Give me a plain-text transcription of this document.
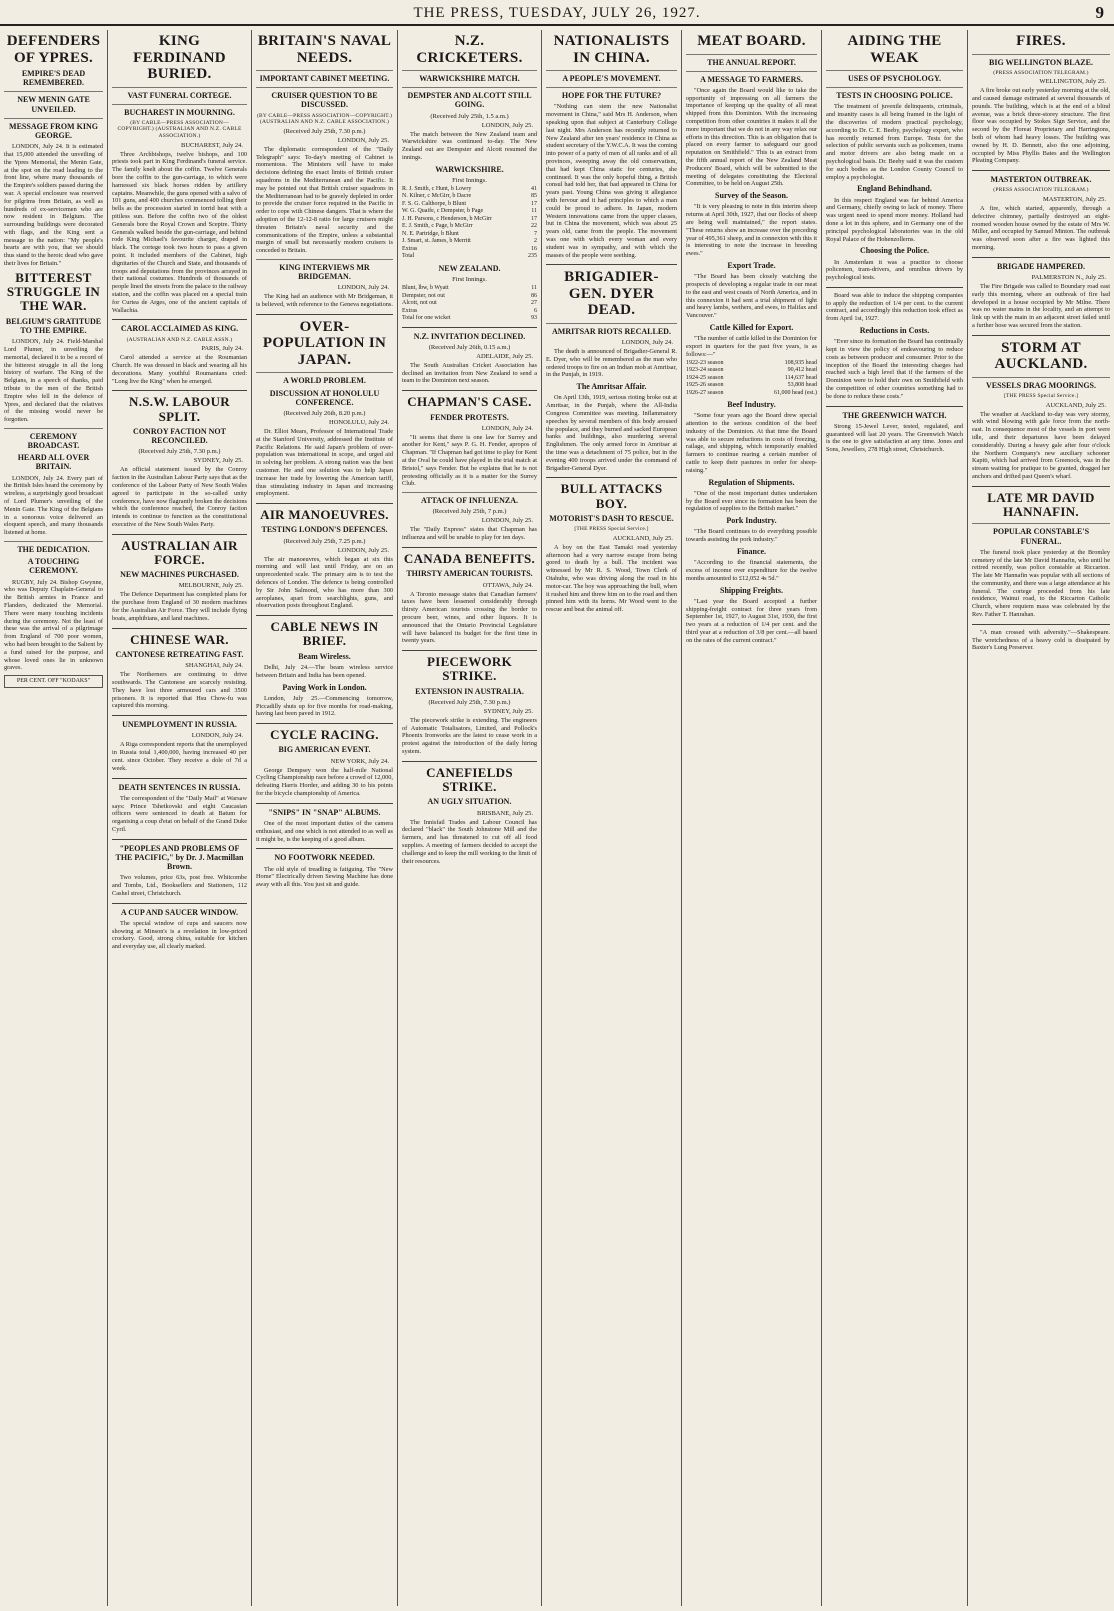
THE PRESS, TUESDAY, JULY 26, 1927.	9
DEFENDERS OF YPRES.
EMPIRE'S DEAD REMEMBERED.
NEW MENIN GATE UNVEILED.
MESSAGE FROM KING GEORGE.

LONDON, July 24. It is estimated that 15,000 attended the unveiling of the Ypres Memorial, the Menin Gate, at the spot on the road leading to the front line, where many thousands of the Empire's soldiers passed during the war. A special enclosure was reserved for pilgrims from Britain, as well as hundreds of ex-servicemen who are now resident in Belgium. The surrounding buildings were decorated with flags, and the King sent a message to the nation: "My people's hearts are with you, that we should thus stand to the heroic dead who gave their lives for Britain."

BITTEREST STRUGGLE IN THE WAR.
BELGIUM'S GRATITUDE TO THE EMPIRE.

LONDON, July 24. Field-Marshal Lord Plumer, in unveiling the memorial, declared it to be a record of the bitterest struggle in all the long history of warfare. The King of the Belgians, in a speech of thanks, paid tribute to the men of the British Empire who fell in the defence of Ypres, and declared that the relatives of the missing would never be forgotten.

CEREMONY BROADCAST.
HEARD ALL OVER BRITAIN.

LONDON, July 24. Every part of the British Isles heard the ceremony by wireless, a surprisingly good broadcast of Lord Plumer's unveiling of the Menin Gate. The King of the Belgians in a sonorous voice delivered an eloquent speech, and many thousands listened at home.

THE DEDICATION.
A TOUCHING CEREMONY.

RUGBY, July 24. Bishop Gwynne, who was Deputy Chaplain-General to the British armies in France and Flanders, dedicated the Memorial. There were many touching incidents during the ceremony. Not the least of these was the arrival of a pilgrimage from England of 700 poor women, who had been brought to the Salient by a fund raised for the purpose, and whose loved ones lie in unknown graves.

PER CENT. OFF "KODAKS"
KING FERDINAND BURIED.
VAST FUNERAL CORTEGE.
BUCHAREST IN MOURNING.
(BY CABLE—PRESS ASSOCIATION—COPYRIGHT.) (AUSTRALIAN AND N.Z. CABLE ASSOCIATION.)
BUCHAREST, July 24.

Three Archbishops, twelve bishops, and 100 priests took part in King Ferdinand's funeral service. The family knelt about the coffin. Twelve Generals bore the coffin to the gun-carriage, to which were harnessed six black horses ridden by artillery captains. Meanwhile, the guns opened with a salvo of 101 guns, and 400 churches commenced tolling their bells as the procession started in torrid heat with a pitiless sun. Before the coffin two of the oldest Generals bore the Royal Crown and Sceptre. Thirty Generals walked beside the gun-carriage, and behind rode King Michael's favourite charger, draped in black. The cortege took two hours to pass a given point. It included members of the Cabinet, high dignitaries of the Church and State, and thousands of troops and deputations from the provinces arrayed in their national costumes. Hundreds of thousands of people lined the streets from the palace to the railway station, and the coffin was placed on a special train for Curtea de Arges, one of the ancient capitals of Wallachia.

CAROL ACCLAIMED AS KING.
(AUSTRALIAN AND N.Z. CABLE ASSN.)
PARIS, July 24.

Carol attended a service at the Roumanian Church. He was dressed in black and wearing all his decorations. Many youthful Roumanians cried: "Long live the King" when he emerged.

N.S.W. LABOUR SPLIT.
CONROY FACTION NOT RECONCILED.
(Received July 25th, 7.30 p.m.)
SYDNEY, July 25.

An official statement issued by the Conroy faction in the Australian Labour Party says that as the conference of the Labour Party of New South Wales agreed to participate in the so-called unity conference, have now flagrantly broken the decisions which the conference reached, the Conroy faction intends to continue to function as the constitutional executive of the New South Wales Party.

AUSTRALIAN AIR FORCE.
NEW MACHINES PURCHASED.
MELBOURNE, July 25.

The Defence Department has completed plans for the purchase from England of 30 modern machines for the Australian Air Force. They will include flying boats, amphibians, and land machines.

CHINESE WAR.
CANTONESE RETREATING FAST.
SHANGHAI, July 24.

The Northerners are continuing to drive southwards. The Cantonese are scarcely resisting. They have lost three armoured cars and 3500 prisoners. It is reported that Hsu Chow-fu was captured this morning.

UNEMPLOYMENT IN RUSSIA.
LONDON, July 24.

A Riga correspondent reports that the unemployed in Russia total 1,400,000, having increased 40 per cent. since October. They receive a dole of 7d a week.

DEATH SENTENCES IN RUSSIA.

The correspondent of the "Daily Mail" at Warsaw says: Prince Tshetkovski and eight Caucasian officers were sentenced to death at Batum for organising a coup d'etat on behalf of the Grand Duke Cyril.

"PEOPLES AND PROBLEMS OF THE PACIFIC," by Dr. J. Macmillan Brown.

Two volumes, price 63s, post free. Whitcombe and Tombs, Ltd., Booksellers and Stationers, 112 Cashel street, Christchurch.

A CUP AND SAUCER WINDOW.

The special window of cups and saucers now showing at Minson's is a revelation in low-priced crockery. Good, strong china, suitable for kitchen and everyday use, all clearly marked.

BRITAIN'S NAVAL NEEDS.
IMPORTANT CABINET MEETING.
CRUISER QUESTION TO BE DISCUSSED.
(BY CABLE—PRESS ASSOCIATION—COPYRIGHT.) (AUSTRALIAN AND N.Z. CABLE ASSOCIATION.)
(Received July 25th, 7.30 p.m.)
LONDON, July 25.

The diplomatic correspondent of the "Daily Telegraph" says: To-day's meeting of Cabinet is momentous. The Ministers will have to make decisions defining the exact limits of British cruiser squadrons in the Mediterranean and the Pacific. It may be pointed out that British cruiser squadrons in the Mediterranean had to be gravely depleted in order to provide the cruiser force required in the Pacific in order to cope with Chinese dangers. That is where the adoption of the 12-12-8 ratio for large cruisers might threaten Britain's naval security and the communications of the Empire, unless a substantial margin of small but necessarily modern cruisers is conceded to Britain.

KING INTERVIEWS MR BRIDGEMAN.
LONDON, July 24.

The King had an audience with Mr Bridgeman, it is believed, with reference to the Geneva negotiations.

OVER-POPULATION IN JAPAN.
A WORLD PROBLEM.
DISCUSSION AT HONOLULU CONFERENCE.
(Received July 26th, 8.20 p.m.)
HONOLULU, July 24.

Dr. Elliot Mears, Professor of International Trade at the Stanford University, addressed the Institute of Pacific Relations. He said Japan's problem of over-population was international in scope, and urged aid in solving her problem. A strong nation was the best customer. He and one solution was to help Japan increase her trade by lowering the American tariff, thus stimulating industry in Japan and increasing employment.

AIR MANOEUVRES.
TESTING LONDON'S DEFENCES.
(Received July 25th, 7.25 p.m.)
LONDON, July 25.

The air manoeuvres, which began at six this morning and will last until Friday, are on an unprecedented scale. The primary aim is to test the defences of London. The defence is being controlled by Sir John Salmond, who has more than 300 aeroplanes, apart from searchlights, guns, and observation posts throughout England.

CABLE NEWS IN BRIEF.
Beam Wireless.

Delhi, July 24.—The beam wireless service between Britain and India has been opened.

Paving Work in London.

London, July 25.—Commencing tomorrow, Piccadilly shuts up for five months for road-making, having last been paved in 1912.

CYCLE RACING.
BIG AMERICAN EVENT.
NEW YORK, July 24.

George Dempsey won the half-mile National Cycling Championship race before a crowd of 12,000, defeating Harris Horder, and adding 30 to his points for the bicycle championship of America.

"SNIPS" IN "SNAP" ALBUMS.

One of the most important duties of the camera enthusiast, and one which is not attended to as well as it might be, is the keeping of a good album.

NO FOOTWORK NEEDED.

The old style of treadling is fatiguing. The "New Home" Electrically driven Sewing Machine has done away with all this. You just sit and guide.

N.Z. CRICKETERS.
WARWICKSHIRE MATCH.
DEMPSTER AND ALCOTT STILL GOING.
(Received July 25th, 1.5 a.m.)
LONDON, July 25.

The match between the New Zealand team and Warwickshire was continued to-day. The New Zealand out are Dempster and Alcott resumed the innings.

WARWICKSHIRE.
First Innings.
R. J. Smith, c Hunt, b Lowry	41
N. Kilner, c McGirr, b Dacre	85
F. S. G. Calthorpe, b Blunt	17
W. G. Quaife, c Dempster, b Page	11
J. H. Parsons, c Henderson, b McGirr	17
E. J. Smith, c Page, b McGirr	22
N. E. Partridge, b Blunt	7
J. Smart, st. James, b Merritt	2
Extras	16
Total	235
NEW ZEALAND.
First Innings.
Blunt, lbw, b Wyatt	11
Dempster, not out	86
Alcott, not out	27
Extras	6
Total for one wicket	93
N.Z. INVITATION DECLINED.
(Received July 26th, 0.15 a.m.)
ADELAIDE, July 25.

The South Australian Cricket Association has declined an invitation from New Zealand to send a team to the Dominion next season.

CHAPMAN'S CASE.
FENDER PROTESTS.
LONDON, July 24.

"It seems that there is one law for Surrey and another for Kent," says P. G. H. Fender, apropos of Chapman. "If Chapman had got time to play for Kent at the Oval he could have played in the trial match at Bristol," says Fender. But he explains that he is not protesting officially as it is a matter for the Surrey Club.

ATTACK OF INFLUENZA.
(Received July 25th, 7 p.m.)
LONDON, July 25.

The "Daily Express" states that Chapman has influenza and will be unable to play for ten days.

CANADA BENEFITS.
THIRSTY AMERICAN TOURISTS.
OTTAWA, July 24.

A Toronto message states that Canadian farmers' taxes have been lessened considerably through thirsty American tourists crossing the border to procure beer, wines, and other liquors. It is announced that the Ontario Provincial Legislature will have balanced its budget for the first time in twenty years.

PIECEWORK STRIKE.
EXTENSION IN AUSTRALIA.
(Received July 25th, 7.30 p.m.)
SYDNEY, July 25.

The piecework strike is extending. The engineers of Automatic Totalisators, Limited, and Pollock's Phoenix Ironworks are the latest to cease work in a protest against the introduction of the daily hiring system.

CANEFIELDS STRIKE.
AN UGLY SITUATION.
BRISBANE, July 25.

The Innisfail Trades and Labour Council has declared "black" the South Johnstone Mill and the farmers, and has threatened to cut off all food supplies. A meeting of farmers decided to accept the challenge and to keep the mill working to the limit of their resources.

NATIONALISTS IN CHINA.
A PEOPLE'S MOVEMENT.
HOPE FOR THE FUTURE?

"Nothing can stem the new Nationalist movement in China," said Mrs H. Anderson, when speaking upon that subject at Canterbury College last night. Mrs Anderson has recently returned to New Zealand after ten years' residence in China as student secretary of the Y.W.C.A. It was the coming into power of a party of men of all ranks and of all provinces, sweeping away the old conservatism, that had kept China static for centuries, she continued. It was the only hopeful thing, a British consul had told her, that had appeared in China for years past. Young China was giving it allegiance with fervour and it had principles to which a man could be proud to adhere. In Japan, modern Western innovations came from the upper classes, but in China the movement, which was about 25 years old, came from the people. The movement was one with which every woman and every student was in sympathy, and with which the masses of the people were seething.

BRIGADIER-GEN. DYER DEAD.
AMRITSAR RIOTS RECALLED.
LONDON, July 24.

The death is announced of Brigadier-General R. E. Dyer, who will be remembered as the man who ordered troops to fire on an Indian mob at Amritsar, in the Punjab, in 1919.

The Amritsar Affair.

On April 13th, 1919, serious rioting broke out at Amritsar, in the Punjab, where the All-India Congress Committee was meeting. Inflammatory speeches by several members of this body aroused the populace, and they burned and sacked European banks and buildings, also murdering several Englishmen. The only armed force in Amritsar at the time was a detachment of 75 police, but in the evening 400 troops arrived under the command of Brigadier-General Dyer.

BULL ATTACKS BOY.
MOTORIST'S DASH TO RESCUE.
[THE PRESS Special Service.]
AUCKLAND, July 25.

A boy on the East Tamaki road yesterday afternoon had a very narrow escape from being gored to death by a bull. The incident was witnessed by Mr R. S. Wood, Town Clerk of Otahuhu, who was driving along the road in his motor-car. The boy was approaching the bull, when it rushed him and threw him on to the road and then pinned him with its horns. Mr Wood went to the rescue and beat the animal off.

MEAT BOARD.
THE ANNUAL REPORT.
A MESSAGE TO FARMERS.

"Once again the Board would like to take the opportunity of impressing on all farmers the importance of keeping up the quality of all meat shipped from this Dominion. With the increasing competition from other countries it makes it all the more important that we do not in any way relax our efforts in this direction. This is an obligation that is placed on every farmer to safeguard our good reputation on Smithfield." This is an extract from the fifth annual report of the New Zealand Meat Producers' Board, which will be submitted to the meeting of delegates constituting the Electoral Committee, to be held on August 25th.

Survey of the Season.

"It is very pleasing to note in this interim sheep returns at April 30th, 1927, that our flocks of sheep are being well maintained," the report states. "These returns show an increase over the preceding year of 495,361 sheep, and in connexion with this it is interesting to note the increase in breeding ewes."

Export Trade.

"The Board has been closely watching the prospects of developing a regular trade in our meat to the east and west coasts of North America, and in this connexion it had sent a trial shipment of light and heavy lambs, wethers, and ewes, to Halifax and Vancouver."

Cattle Killed for Export.

"The number of cattle killed in the Dominion for export in quarters for the past five years, is as follows:—"

1922-23 season	108,935 head
1923-24 season	90,412 head
1924-25 season	114,637 head
1925-26 season	53,808 head
1926-27 season	61,000 head (est.)
Beef Industry.

"Some four years ago the Board drew special attention to the serious condition of the beef industry of the Dominion. At that time the Board was able to secure reductions in costs of freezing, railage, and shipping, which temporarily enabled farmers to continue rearing a certain number of cattle to keep their pastures in order for sheep-raising."

Regulation of Shipments.

"One of the most important duties undertaken by the Board ever since its formation has been the regulation of supplies to the British market."

Pork Industry.

"The Board continues to do everything possible towards assisting the pork industry."

Finance.

"According to the financial statements, the excess of income over expenditure for the twelve months amounted to £12,052 4s 5d."

Shipping Freights.

"Last year the Board accepted a further shipping-freight contract for three years from September 1st, 1927, to August 31st, 1930, the first two years at a reduction of 1/4 per cent. and the third year at a reduction of 3/8 per cent.—all based on the rates of the current contract."

AIDING THE WEAK
USES OF PSYCHOLOGY.
TESTS IN CHOOSING POLICE.

The treatment of juvenile delinquents, criminals, and insanity cases is all being framed in the light of the discoveries of modern practical psychology, according to Dr. C. E. Beeby, psychology expert, who has recently returned from Europe. Tests for the selection of public servants such as policemen, trams and motor drivers are also being made on a psychological basis. Dr. Beeby said it was the custom for such bodies as the London County Council to employ a psychologist.

England Behindhand.

In this respect England was far behind America and Germany, chiefly owing to lack of money. There was urgent need to spend more money. Holland had done a lot in this sphere, and in Germany one of the principal psychological laboratories was in the old Royal Palace of the Hohenzollerns.

Choosing the Police.

In Amsterdam it was a practice to choose policemen, tram-drivers, and omnibus drivers by psychological tests.

Board was able to induce the shipping companies to apply the reduction of 1/4 per cent. to the current contract, and accordingly this reduction took effect as from April 1st, 1927.

Reductions in Costs.

"Ever since its formation the Board has continually kept in view the policy of endeavouring to reduce costs as between producer and consumer. Prior to the inception of the Board the interesting charges had reached such a high level that if the farmers of the Dominion were to hold their own on Smithfield with the competition of other countries something had to be done to reduce these costs."

THE GREENWICH WATCH.

Strong 15-Jewel Lever, tested, regulated, and guaranteed will last 20 years. The Greenwich Watch is the one to give satisfaction at any time. Jones and Sons, Jewellers, 278 High street, Christchurch.

FIRES.
BIG WELLINGTON BLAZE.
(PRESS ASSOCIATION TELEGRAM.)
WELLINGTON, July 25.

A fire broke out early yesterday morning at the old, and caused damage estimated at several thousands of pounds. The building, which is at the end of a blind avenue, was a brick three-storey structure. The first floor was occupied by Stokes Sign Service, and the second by the Floreat Proprietary and Harringtons, both of whom had heavy losses. The building was owned by H. D. Bennett, also the one adjoining, occupied by Miss Phyllis Bates and the Wellington Pleating Company.

MASTERTON OUTBREAK.
(PRESS ASSOCIATION TELEGRAM.)
MASTERTON, July 25.

A fire, which started, apparently, through a defective chimney, partially destroyed an eight-roomed wooden house owned by the estate of Mrs W. Miller, and occupied by Samuel Minton. The outbreak was observed soon after a fire was lighted this morning.

BRIGADE HAMPERED.
PALMERSTON N., July 25.

The Fire Brigade was called to Boundary road east early this morning, where an outbreak of fire had developed in a house occupied by Mr Milne. There was no water mains in the locality, and an attempt to link up with the main in an adjacent street failed until a further hose was secured from the station.

STORM AT AUCKLAND.
VESSELS DRAG MOORINGS.
[THE PRESS Special Service.]
AUCKLAND, July 25.

The weather at Auckland to-day was very stormy, with wind blowing with gale force from the north-east. In consequence most of the vessels in port were idle, and their departures have been delayed considerably. During a heavy gale after four o'clock the Northern Company's new auxiliary schooner Kapiti, which had arrived from Greenock, was in the stream waiting for pratique to be granted, dragged her anchors and drifted past Queen's wharf.

LATE MR DAVID HANNAFIN.
POPULAR CONSTABLE'S FUNERAL.

The funeral took place yesterday at the Bromley cemetery of the late Mr David Hannafin, who until he retired recently, was police constable at Riccarton. The late Mr Hannafin was popular with all sections of the community, and there was a large attendance at his funeral. The cortege proceeded from his late residence, Wainui road, to the Riccarton Catholic Church, where requiem mass was celebrated by the Rev. Father T. Hanrahan.

"A man crossed with adversity."—Shakespeare. The wretchedness of a heavy cold is dissipated by Baxter's Lung Preserver.
